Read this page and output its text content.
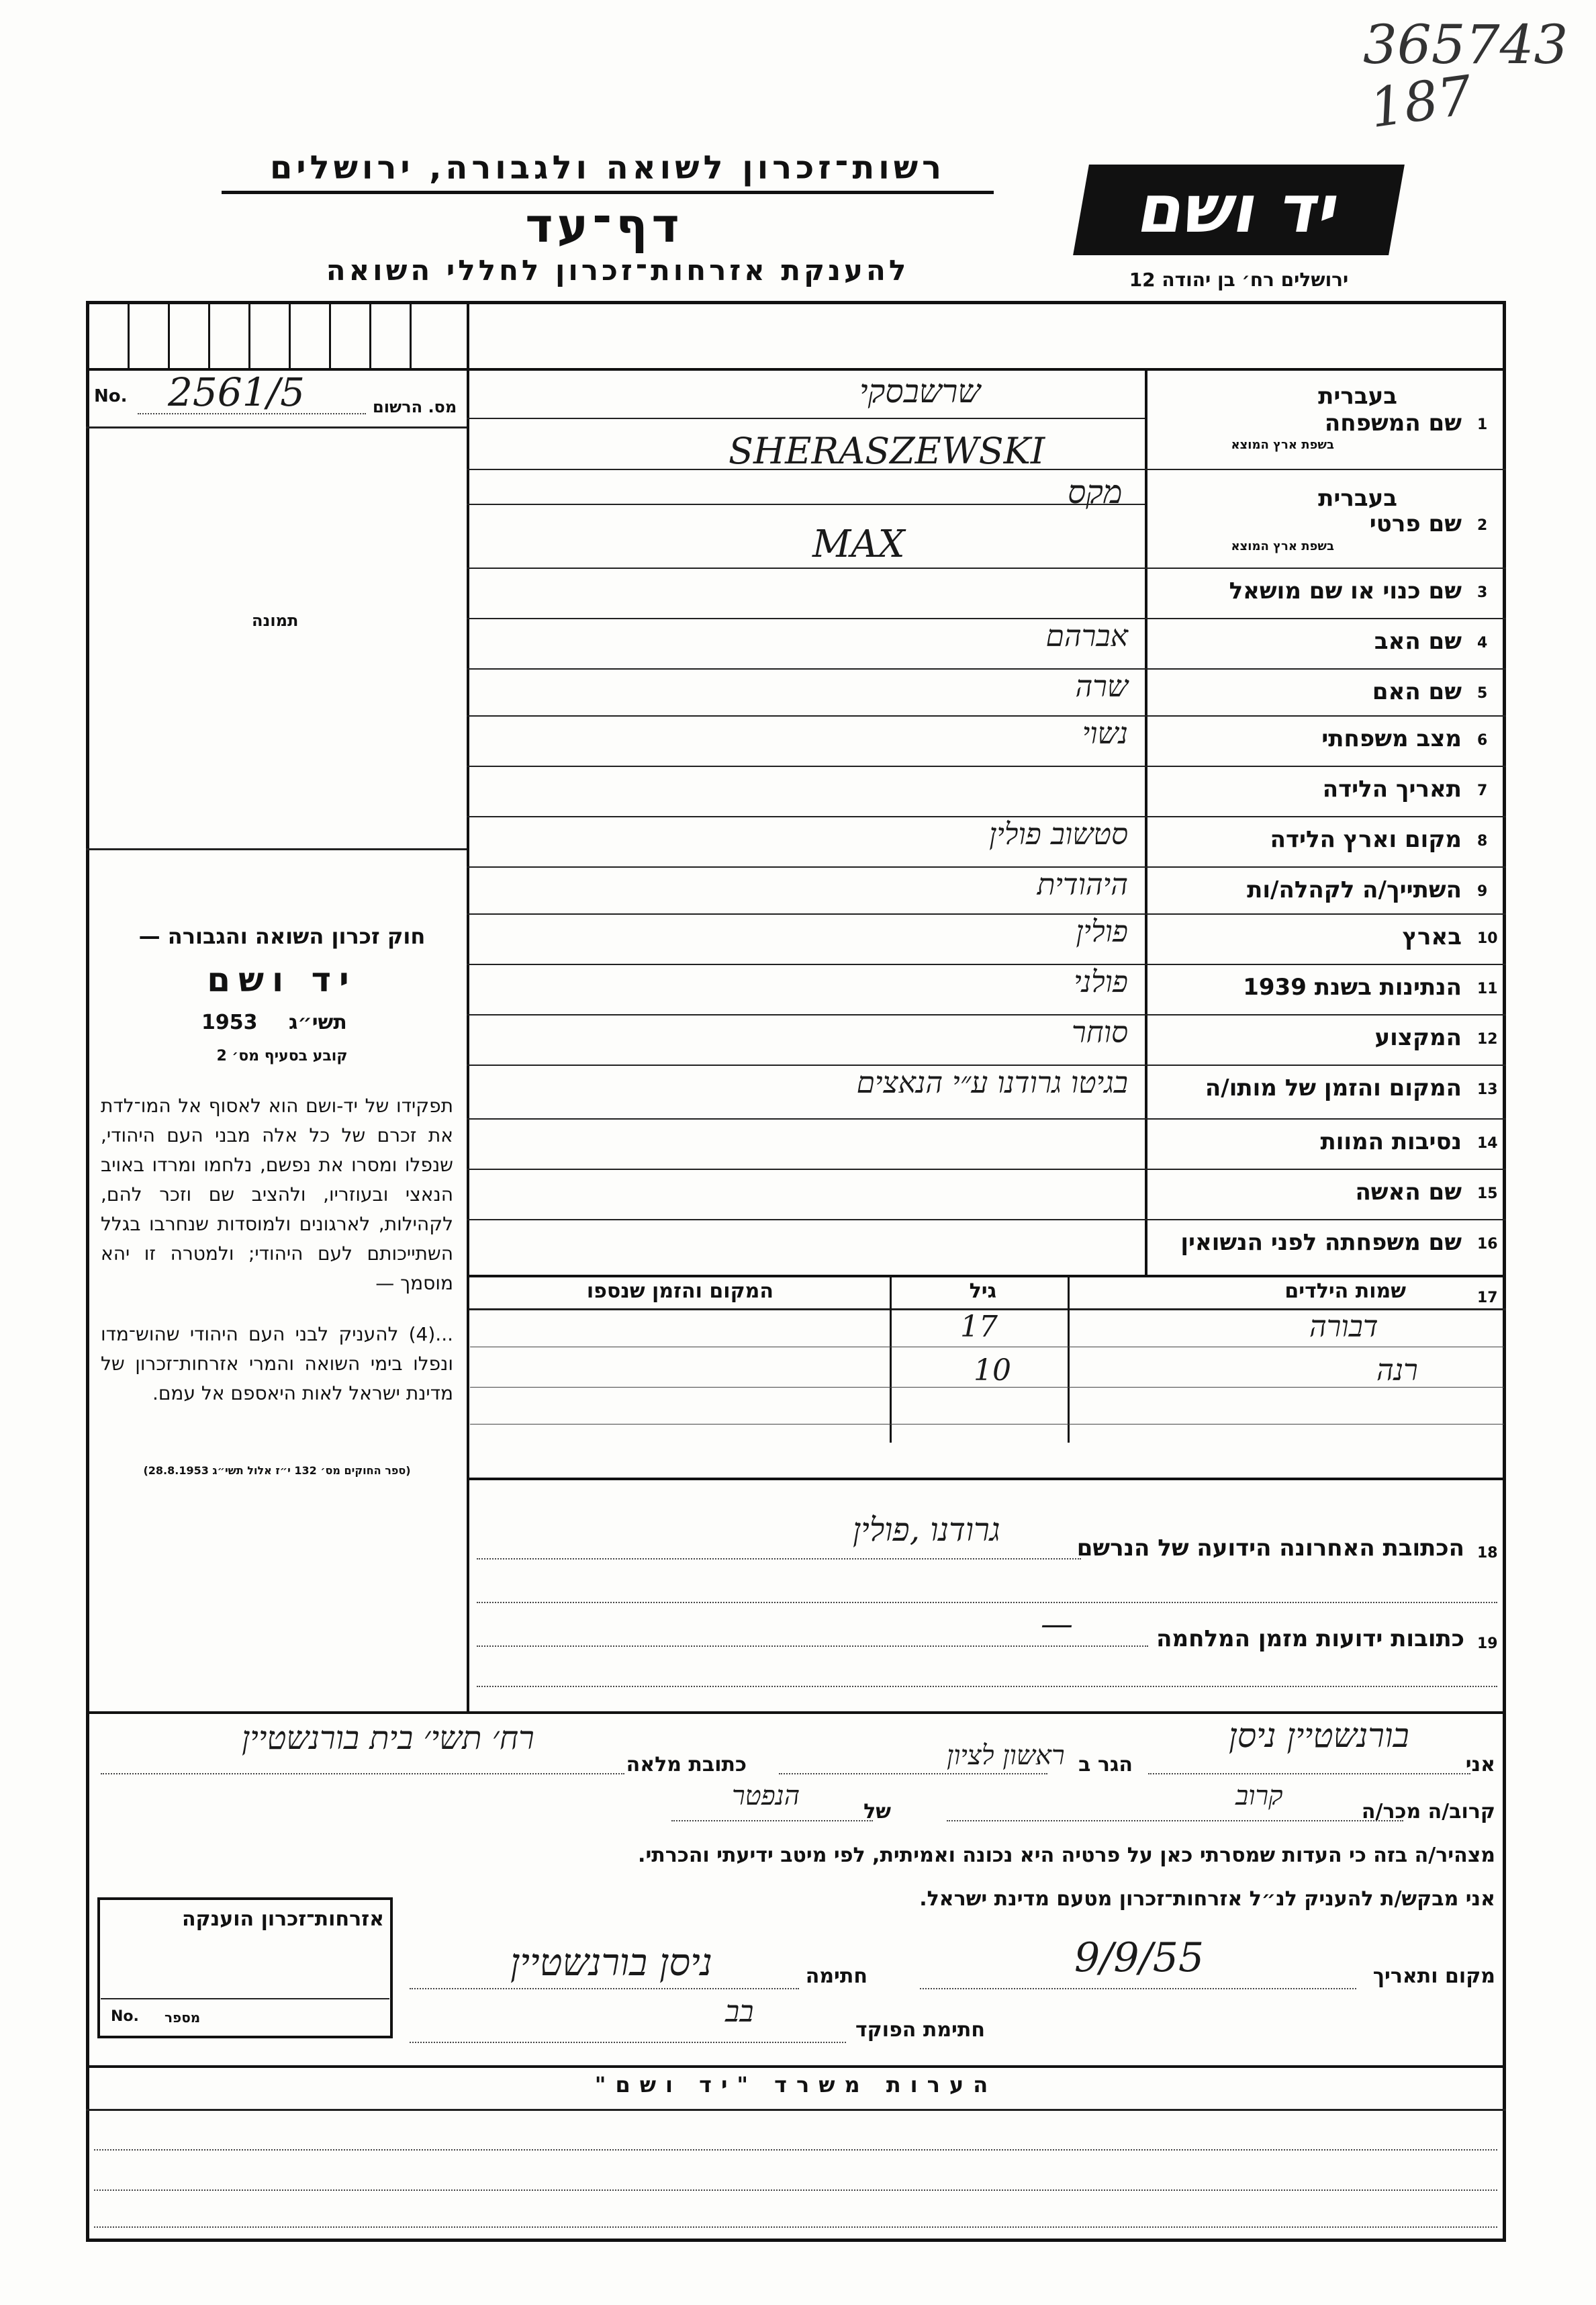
365743
187
רשות־זכרון לשואה ולגבורה, ירושלים
דף־עד
להענקת אזרחות־זכרון לחללי השואה
יד ושם
ירושלים רח׳ בן יהודה 12
No. 2561/5	מס. הרשום
תמונה
חוק זכרון השואה והגבורה —
יד ושם
1953 תשי״ג
קובע בסעיף מס׳ 2
תפקידו של יד-ושם הוא לאסוף אל המו־לדת את זכרם של כל אלה מבני העם היהודי, שנפלו ומסרו את נפשם, נלחמו ומרדו באויב הנאצי ובעוזריו, ולהציב שם וזכר להם, לקהילות, לארגונים ולמוסדות שנחרבו בגלל השתייכותם לעם היהודי; ולמטרה זו יהא מוסמך —
...(4) להעניק לבני העם היהודי שהוש־מדו ונפלו בימי השואה והמרי אזרחות־זכרון של מדינת ישראל לאות היאספם אל עמם.
(ספר החוקים מס׳ 132 י״ז אלול תשי״ג 28.8.1953)
בעברית
שם המשפחה
בשפת ארץ המוצא
1
שרשבסקי
SHERASZEWSKI
בעברית
שם פרטי
בשפת ארץ המוצא
2
מקס
MAX
שם כנוי או שם מושאל 3
שם האב 4
אברהם
שם האם 5
שרה
מצב משפחתי 6
נשוי
תאריך הלידה 7
מקום וארץ הלידה 8
סטשוב פולין
השתייך/ה לקהלה/ות 9
היהודית
בארץ 10
פולין
הנתינות בשנת 1939 11
פולני
המקצוע 12
סוחר
המקום והזמן של מותו/ה 13
בגיטו גרודנו ע״י הנאצים
נסיבות המוות 14
שם האשה 15
שם משפחתה לפני הנשואין 16
17
שמות הילדים
גיל
המקום והזמן שנספו
דבורה
17
רנה
10
18
הכתובת האחרונה הידועה של הנרשם
גרודנו ,פולין
19
כתובות ידועות מזמן המלחמה
—
אני
בורנשטיין ניסן
הגר ב
ראשון לציון
כתובת מלאה
רח׳ תשי׳ בית בורנשטיין
קרוב/ה מכר/ה
קרוב
של
הנפטר
מצהיר/ה בזה כי העדות שמסרתי כאן על פרטיה היא נכונה ואמיתית, לפי מיטב ידיעתי והכרתי.
אני מבקש/ת להעניק לנ״ל אזרחות־זכרון מטעם מדינת ישראל.
מקום ותאריך
9/9/55
חתימה
ניסן בורנשטיין
חתימת הפוקד
בב
אזרחות־זכרון הוענקה
No. מספר
הערות משרד "יד ושם"
